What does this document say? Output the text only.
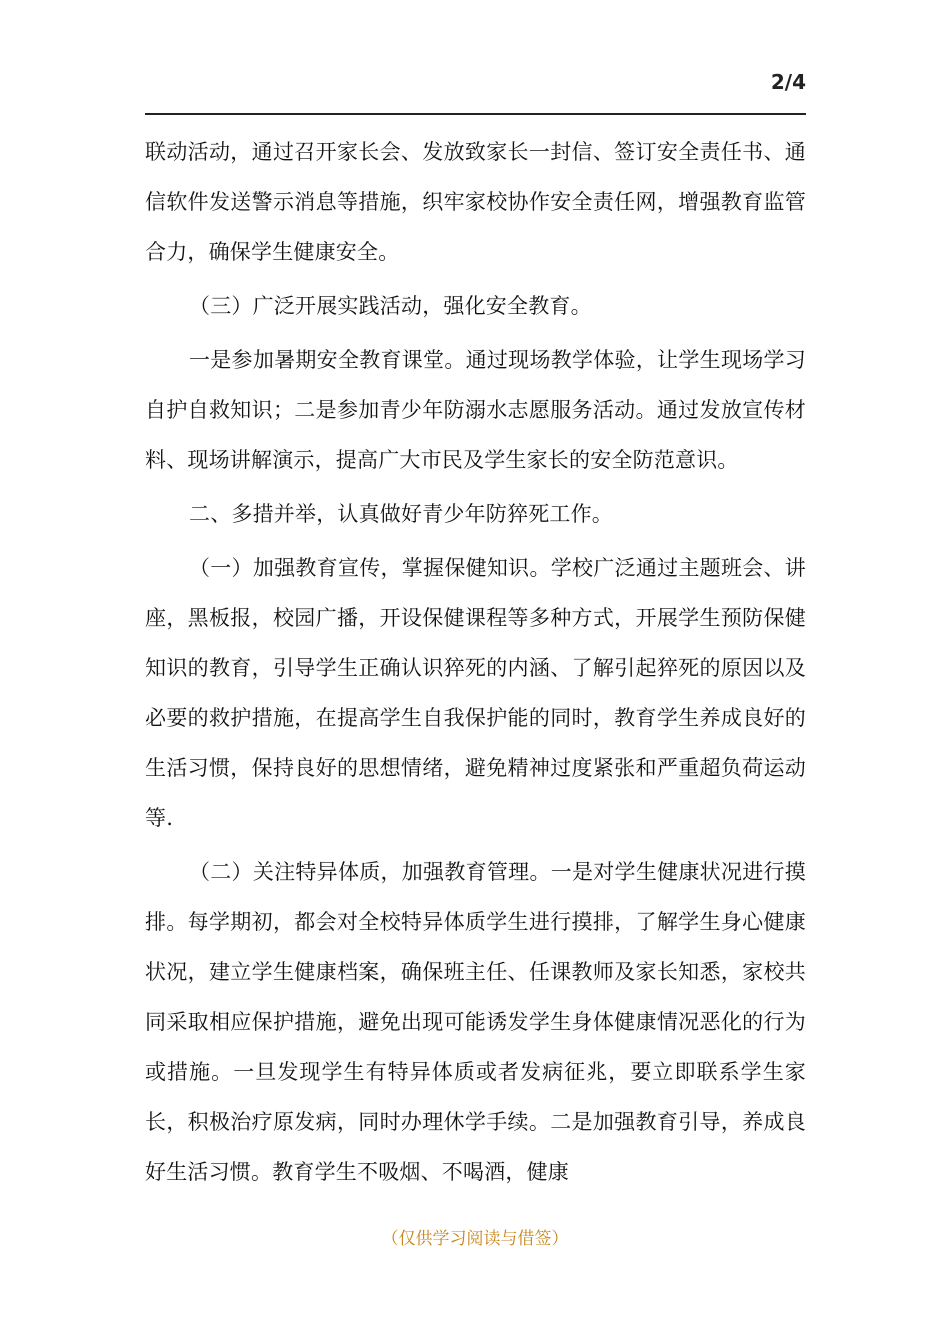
2/4

联动活动，通过召开家长会、发放致家长一封信、签订安全责任书、通信软件发送警示消息等措施，织牢家校协作安全责任网，增强教育监管合力，确保学生健康安全。

（三）广泛开展实践活动，强化安全教育。

一是参加暑期安全教育课堂。通过现场教学体验，让学生现场学习自护自救知识；二是参加青少年防溺水志愿服务活动。通过发放宣传材料、现场讲解演示，提高广大市民及学生家长的安全防范意识。

二、多措并举，认真做好青少年防猝死工作。

（一）加强教育宣传，掌握保健知识。学校广泛通过主题班会、讲座，黑板报，校园广播，开设保健课程等多种方式，开展学生预防保健知识的教育，引导学生正确认识猝死的内涵、了解引起猝死的原因以及必要的救护措施，在提高学生自我保护能的同时，教育学生养成良好的生活习惯，保持良好的思想情绪，避免精神过度紧张和严重超负荷运动等.

（二）关注特异体质，加强教育管理。一是对学生健康状况进行摸排。每学期初，都会对全校特异体质学生进行摸排，了解学生身心健康状况，建立学生健康档案，确保班主任、任课教师及家长知悉，家校共同采取相应保护措施，避免出现可能诱发学生身体健康情况恶化的行为或措施。一旦发现学生有特异体质或者发病征兆，要立即联系学生家长，积极治疗原发病，同时办理休学手续。二是加强教育引导，养成良好生活习惯。教育学生不吸烟、不喝酒，健康

（仅供学习阅读与借签）
